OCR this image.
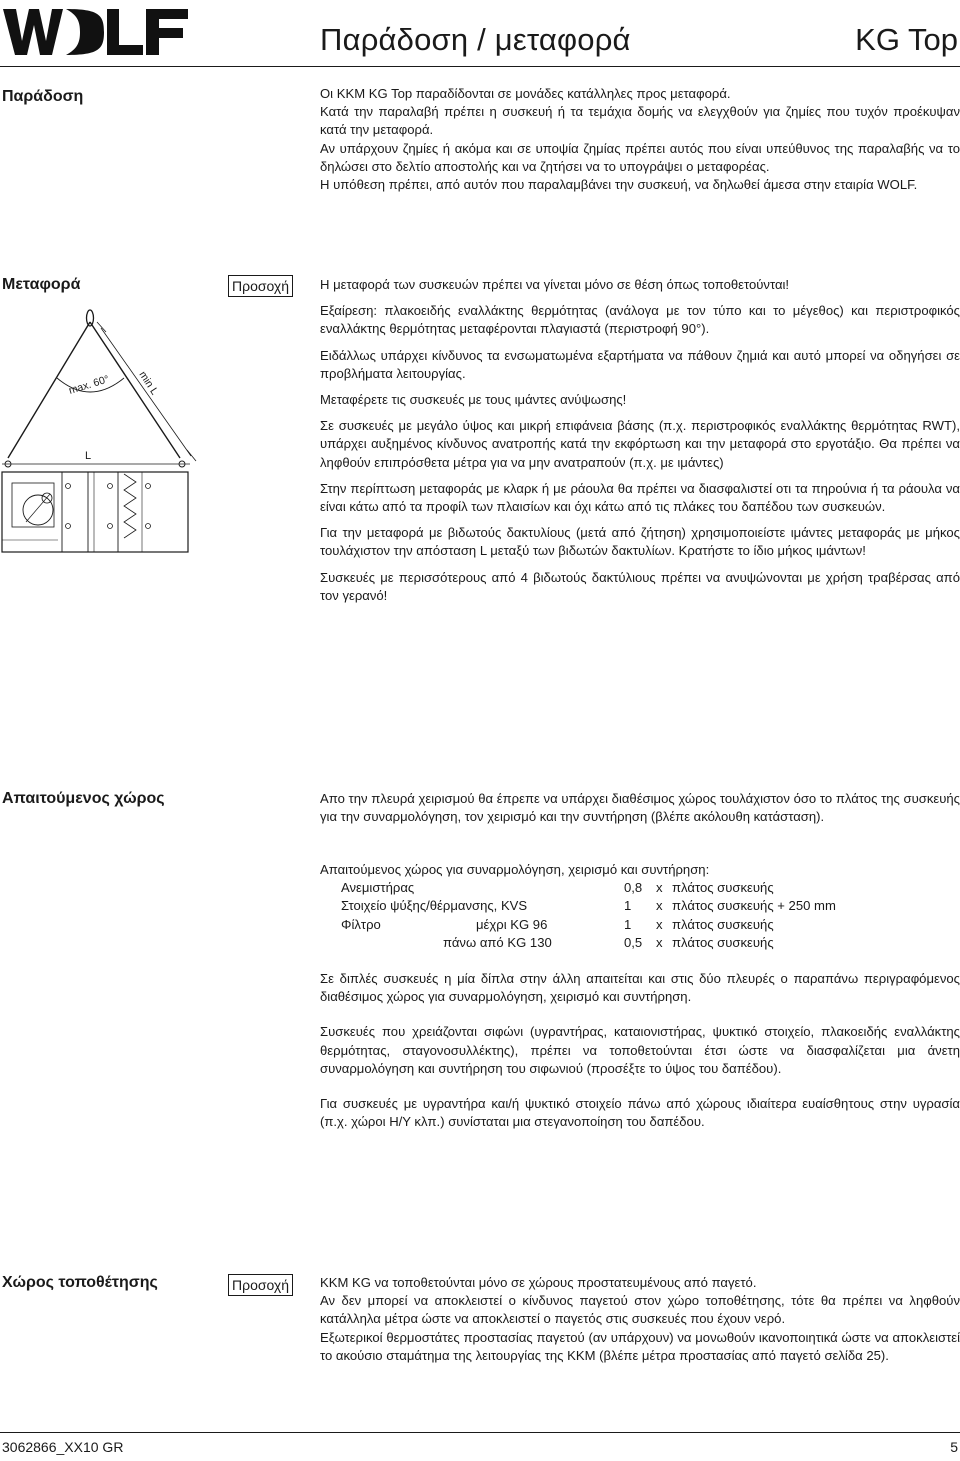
Παράδοση / μεταφορά	KG Top
Παράδοση	Οι ΚΚΜ KG Top παραδίδονται σε μονάδες κατάλληλες προς μεταφορά.

Κατά την παραλαβή πρέπει η συσκευή ή τα τεμάχια δομής να ελεγχθούν για ζημίες που τυχόν προέκυψαν κατά την μεταφορά.

Αν υπάρχουν ζημίες ή ακόμα και σε υποψία ζημίας πρέπει αυτός που είναι υπεύθυνος της παραλαβής να το δηλώσει στο δελτίο αποστολής και να ζητήσει να το υπογράψει ο μεταφορέας.

Η υπόθεση πρέπει, από αυτόν που παραλαμβάνει την συσκευή, να δηλωθεί άμεσα στην εταιρία WOLF.

Μεταφορά	Προσοχή
max. 60° min L
L

Η μεταφορά των συσκευών πρέπει να γίνεται μόνο σε θέση όπως τοποθετούνται!

Εξαίρεση: πλακοειδής εναλλάκτης θερμότητας (ανάλογα με τον τύπο και το μέγεθος) και περιστροφικός εναλλάκτης θερμότητας μεταφέρονται πλαγιαστά (περιστροφή 90°).

Ειδάλλως υπάρχει κίνδυνος τα ενσωματωμένα εξαρτήματα να πάθουν ζημιά και αυτό μπορεί να οδηγήσει σε προβλήματα λειτουργίας.

Μεταφέρετε τις συσκευές με τους ιμάντες ανύψωσης!

Σε συσκευές με μεγάλο ύψος και μικρή επιφάνεια βάσης (π.χ. περιστροφικός εναλλάκτης θερμότητας RWT), υπάρχει αυξημένος κίνδυνος ανατροπής κατά την εκφόρτωση και την μεταφορά στο εργοτάξιο. Θα πρέπει να ληφθούν επιπρόσθετα μέτρα για να μην ανατραπούν (π.χ. με ιμάντες)

Στην περίπτωση μεταφοράς με κλαρκ ή με ράουλα θα πρέπει να διασφαλιστεί οτι τα πηρούνια ή τα ράουλα να είναι κάτω από τα προφίλ των πλαισίων και όχι κάτω από τις πλάκες του δαπέδου των συσκευών.

Για την μεταφορά με βιδωτούς δακτυλίους (μετά από ζήτηση) χρησιμοποιείστε ιμάντες μεταφοράς με μήκος τουλάχιστον την απόσταση L μεταξύ των βιδωτών δακτυλίων. Κρατήστε το ίδιο μήκος ιμάντων!

Συσκευές με περισσότερους από 4 βιδωτούς δακτύλιους πρέπει να ανυψώνονται με χρήση τραβέρσας από τον γερανό!

Απαιτούμενος χώρος	Απο την πλευρά χειρισμού θα έπρεπε να υπάρχει διαθέσιμος χώρος τουλάχιστον όσο το πλάτος της συσκευής για την συναρμολόγηση, τον χειρισμό και την συντήρηση (βλέπε ακόλουθη κατάσταση).

Απαιτούμενος χώρος για συναρμολόγηση, χειρισμό και συντήρηση:
Ανεμιστήρας	0,8 x πλάτος συσκευής
Στοιχείο ψύξης/θέρμανσης, KVS	1 x πλάτος συσκευής + 250 mm
Φίλτρο	μέχρι KG 96	1 x πλάτος συσκευής
πάνω από KG 130	0,5 x πλάτος συσκευής

Σε διπλές συσκευές η μία δίπλα στην άλλη απαιτείται και στις δύο πλευρές ο παραπάνω περιγραφόμενος διαθέσιμος χώρος για συναρμολόγηση, χειρισμό και συντήρηση.

Συσκευές που χρειάζονται σιφώνι (υγραντήρας, καταιονιστήρας, ψυκτικό στοιχείο, πλακοειδής εναλλάκτης θερμότητας, σταγονοσυλλέκτης), πρέπει να τοποθετούνται έτσι ώστε να διασφαλίζεται μια άνετη συναρμολόγηση και συντήρηση του σιφωνιού (προσέξτε το ύψος του δαπέδου).

Για συσκευές με υγραντήρα και/ή ψυκτικό στοιχείο πάνω από χώρους ιδιαίτερα ευαίσθητους στην υγρασία (π.χ. χώροι Η/Υ κλπ.) συνίσταται μια στεγανοποίηση του δαπέδου.

Χώρος τοποθέτησης	Προσοχή	ΚΚΜ KG να τοποθετούνται μόνο σε χώρους προστατευμένους από παγετό.

Αν δεν μπορεί να αποκλειστεί ο κίνδυνος παγετού στον χώρο τοποθέτησης, τότε θα πρέπει να ληφθούν κατάλληλα μέτρα ώστε να αποκλειστεί ο παγετός στις συσκευές που έχουν νερό.

Εξωτερικοί θερμοστάτες προστασίας παγετού (αν υπάρχουν) να μονωθούν ικανοποιητικά ώστε να αποκλειστεί το ακούσιο σταμάτημα της λειτουργίας της ΚΚΜ (βλέπε μέτρα προστασίας από παγετό σελίδα 25).

3062866_XX10 GR	5
